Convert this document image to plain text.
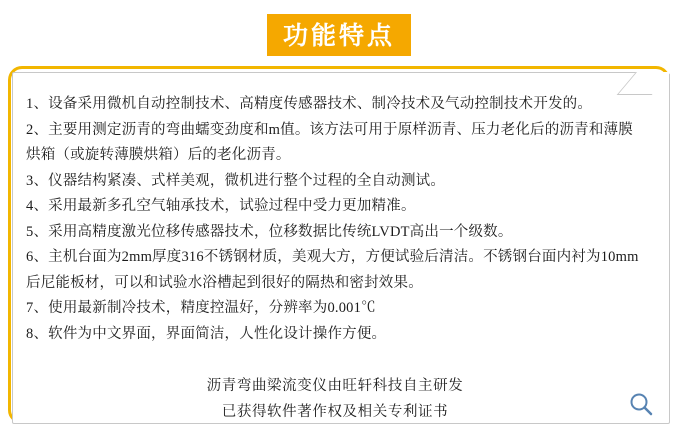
功能特点
1、设备采用微机自动控制技术、高精度传感器技术、制冷技术及气动控制技术开发的。
2、主要用测定沥青的弯曲蠕变劲度和m值。该方法可用于原样沥青、压力老化后的沥青和薄膜烘箱（或旋转薄膜烘箱）后的老化沥青。
3、仪器结构紧凑、式样美观，微机进行整个过程的全自动测试。
4、采用最新多孔空气轴承技术，试验过程中受力更加精准。
5、采用高精度激光位移传感器技术，位移数据比传统LVDT高出一个级数。
6、主机台面为2mm厚度316不锈钢材质，美观大方，方便试验后清洁。不锈钢台面内衬为10mm后尼能板材，可以和试验水浴槽起到很好的隔热和密封效果。
7、使用最新制冷技术，精度控温好，分辨率为0.001℃
8、软件为中文界面，界面简洁，人性化设计操作方便。
沥青弯曲梁流变仪由旺轩科技自主研发
已获得软件著作权及相关专利证书
